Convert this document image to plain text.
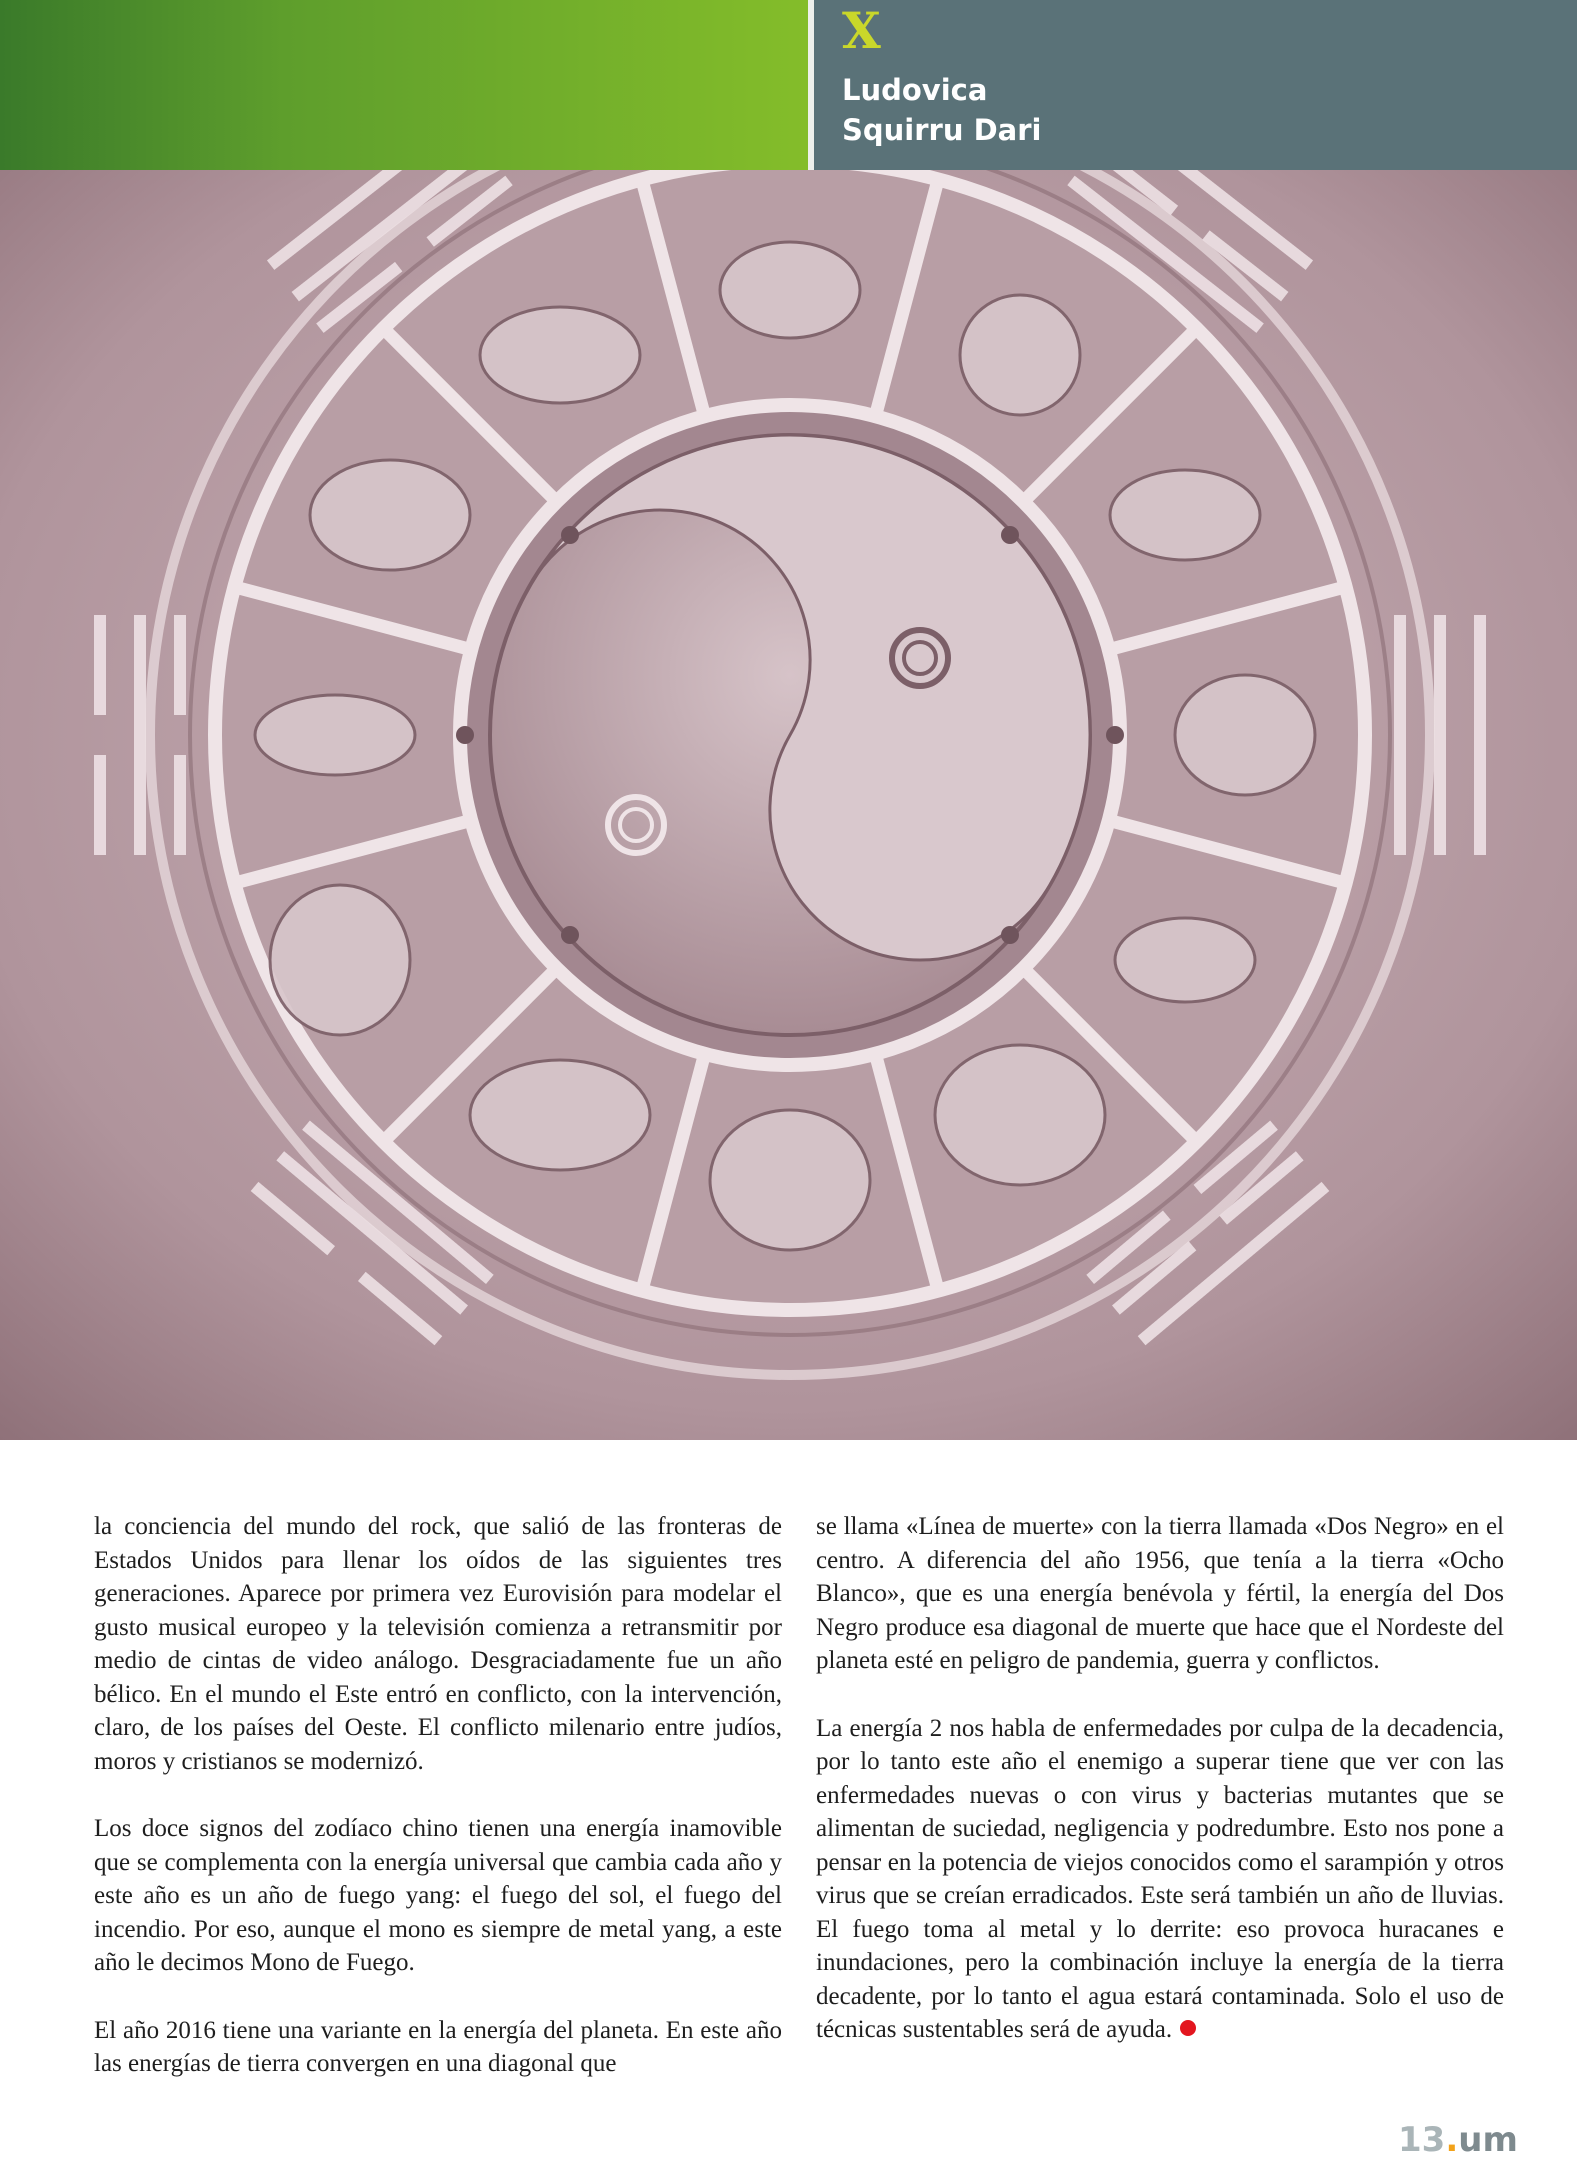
X
Ludovica
Squirru Dari

la conciencia del mundo del rock, que salió de las fronteras de Estados Unidos para llenar los oídos de las siguientes tres generaciones. Aparece por primera vez Eurovisión para modelar el gusto musical europeo y la televisión comienza a retransmitir por medio de cintas de video análogo. Desgraciadamente fue un año bélico. En el mundo el Este entró en conflicto, con la intervención, claro, de los países del Oeste. El conflicto milenario entre judíos, moros y cristianos se modernizó.

Los doce signos del zodíaco chino tienen una energía inamovible que se complementa con la energía universal que cambia cada año y este año es un año de fuego yang: el fuego del sol, el fuego del incendio. Por eso, aunque el mono es siempre de metal yang, a este año le decimos Mono de Fuego.

El año 2016 tiene una variante en la energía del planeta. En este año las energías de tierra convergen en una diagonal que

se llama «Línea de muerte» con la tierra llamada «Dos Negro» en el centro. A diferencia del año 1956, que tenía a la tierra «Ocho Blanco», que es una energía benévola y fértil, la energía del Dos Negro produce esa diagonal de muerte que hace que el Nordeste del planeta esté en peligro de pandemia, guerra y conflictos.

La energía 2 nos habla de enfermedades por culpa de la decadencia, por lo tanto este año el enemigo a superar tiene que ver con las enfermedades nuevas o con virus y bacterias mutantes que se alimentan de suciedad, negligencia y podredumbre. Esto nos pone a pensar en la potencia de viejos conocidos como el sarampión y otros virus que se creían erradicados. Este será también un año de lluvias. El fuego toma al metal y lo derrite: eso provoca huracanes e inundaciones, pero la combinación incluye la energía de la tierra decadente, por lo tanto el agua estará contaminada. Solo el uso de técnicas sustentables será de ayuda.

13.um
